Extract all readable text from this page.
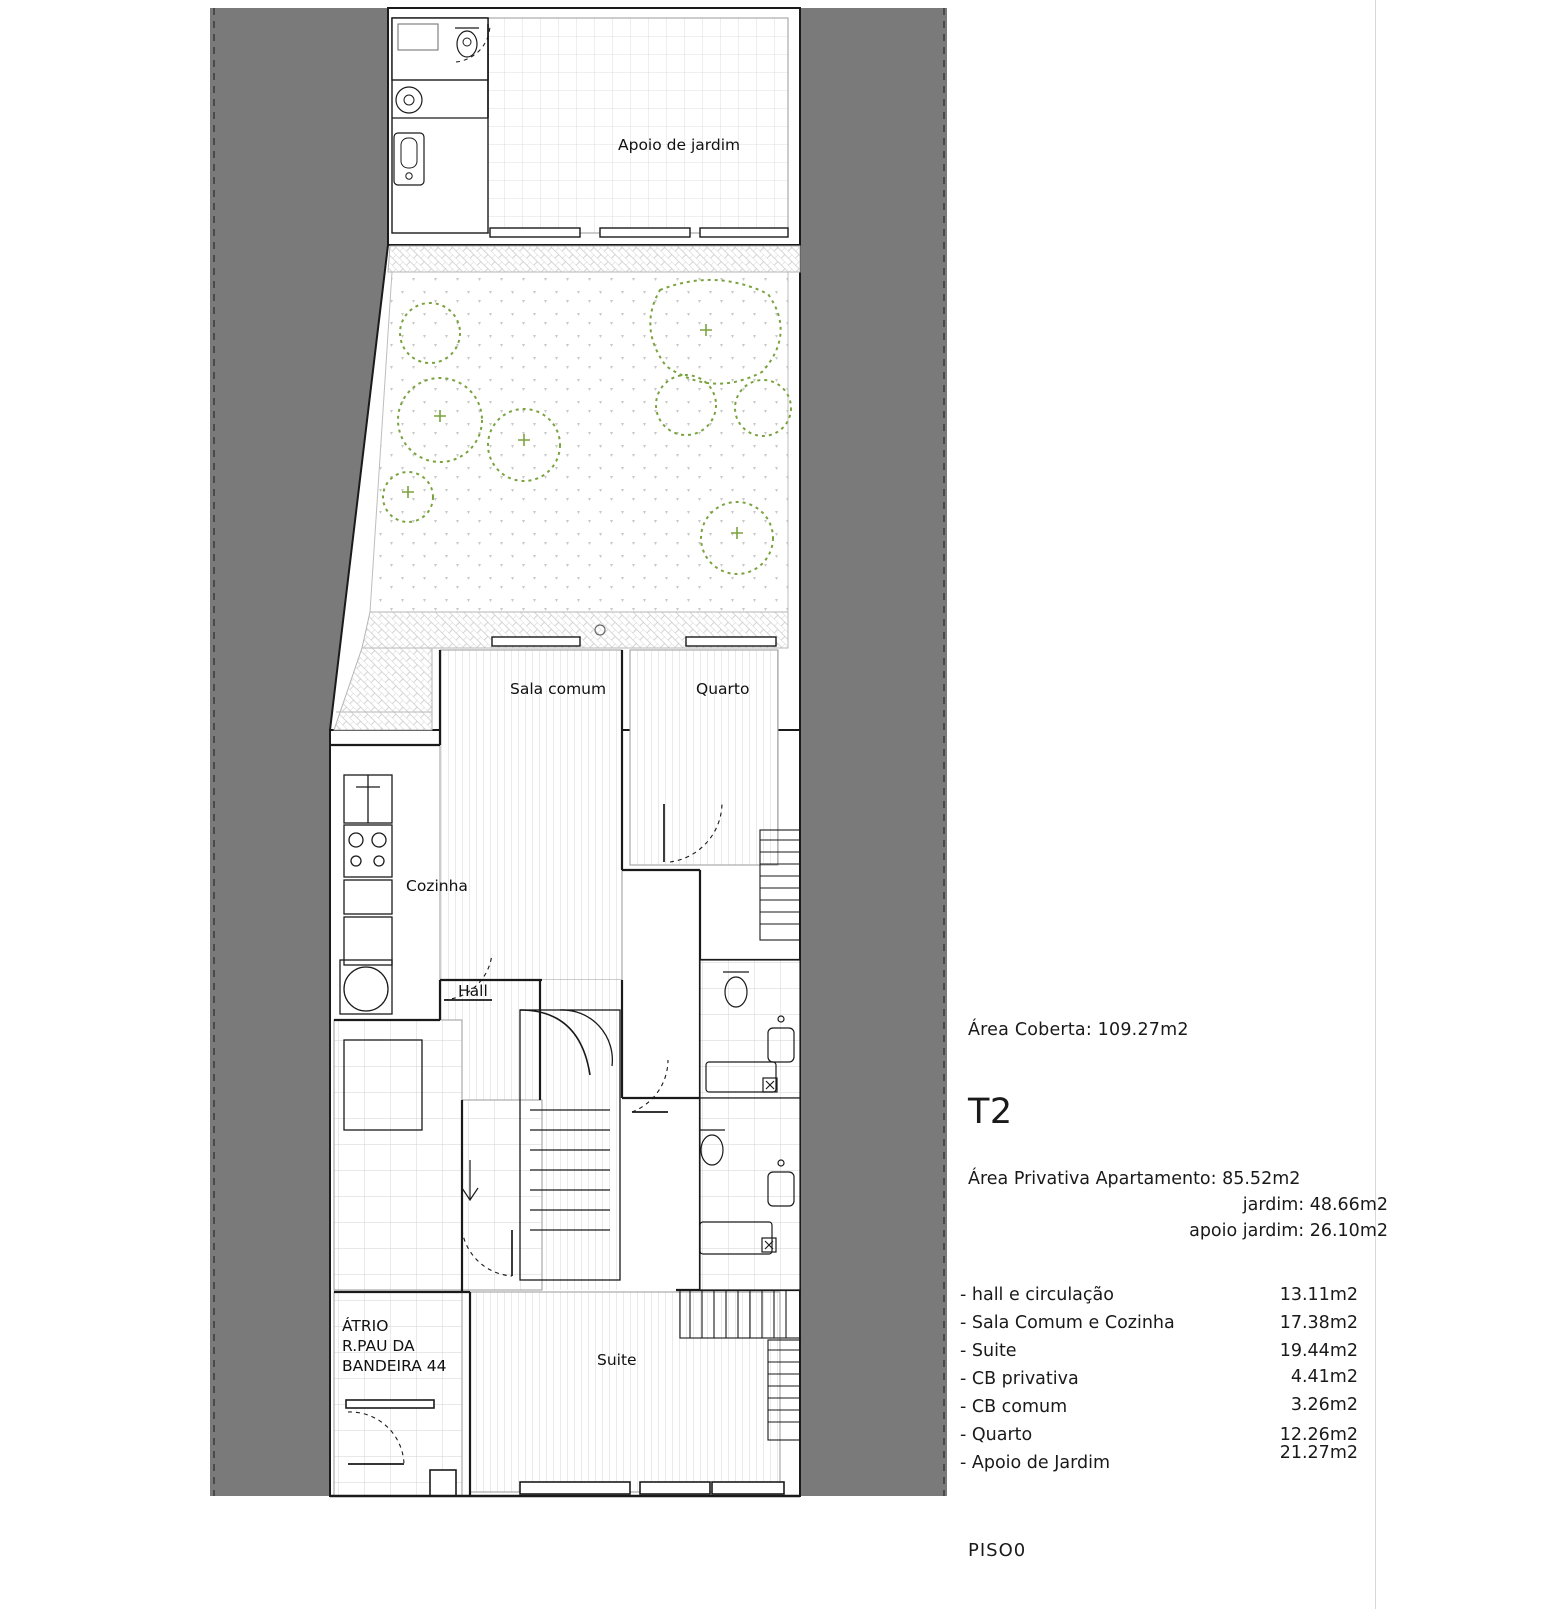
Apoio de jardim
Sala comum	Quarto
Cozinha
Hall
ÁTRIO
R.PAU DA
BANDEIRA 44	Suite
Área Coberta: 109.27m2
T2
Área Privativa Apartamento: 85.52m2
jardim: 48.66m2
apoio jardim: 26.10m2
- hall e circulação	13.11m2
- Sala Comum e Cozinha	17.38m2
- Suite	19.44m2
- CB privativa	4.41m2
- CB comum	3.26m2
- Quarto	12.26m2
- Apoio de Jardim	21.27m2
PISO0
